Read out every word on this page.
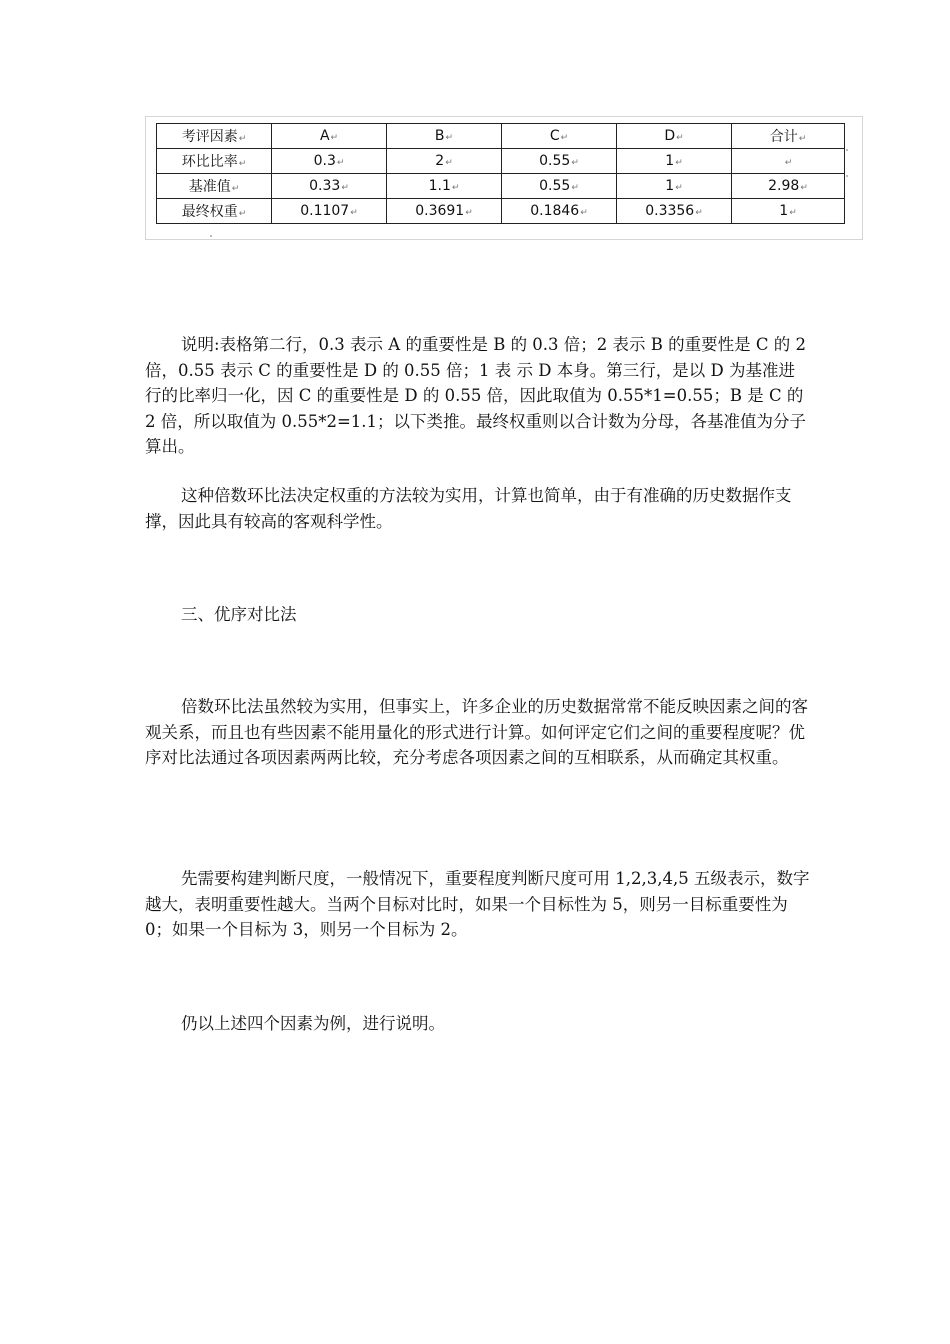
考评因素↵	A↵	B↵	C↵	D↵	合计↵
环比比率↵	0.3↵	2↵	0.55↵	1↵	↵
基准值↵	0.33↵	1.1↵	0.55↵	1↵	2.98↵
最终权重↵	0.1107↵	0.3691↵	0.1846↵	0.3356↵	1↵

说明:表格第二行，0.3 表示 A 的重要性是 B 的 0.3 倍；2 表示 B 的重要性是 C 的 2 倍，0.55 表示 C 的重要性是 D 的 0.55 倍；1 表 示 D 本身。第三行，是以 D 为基准进行的比率归一化，因 C 的重要性是 D 的 0.55 倍，因此取值为 0.55*1=0.55；B 是 C 的 2 倍，所以取值为 0.55*2=1.1；以下类推。最终权重则以合计数为分母，各基准值为分子算出。

这种倍数环比法决定权重的方法较为实用，计算也简单，由于有准确的历史数据作支撑，因此具有较高的客观科学性。

三、优序对比法

倍数环比法虽然较为实用，但事实上，许多企业的历史数据常常不能反映因素之间的客观关系，而且也有些因素不能用量化的形式进行计算。如何评定它们之间的重要程度呢？优序对比法通过各项因素两两比较，充分考虑各项因素之间的互相联系，从而确定其权重。

先需要构建判断尺度，一般情况下，重要程度判断尺度可用 1,2,3,4,5 五级表示，数字越大，表明重要性越大。当两个目标对比时，如果一个目标性为 5，则另一目标重要性为0；如果一个目标为 3，则另一个目标为 2。

仍以上述四个因素为例，进行说明。
